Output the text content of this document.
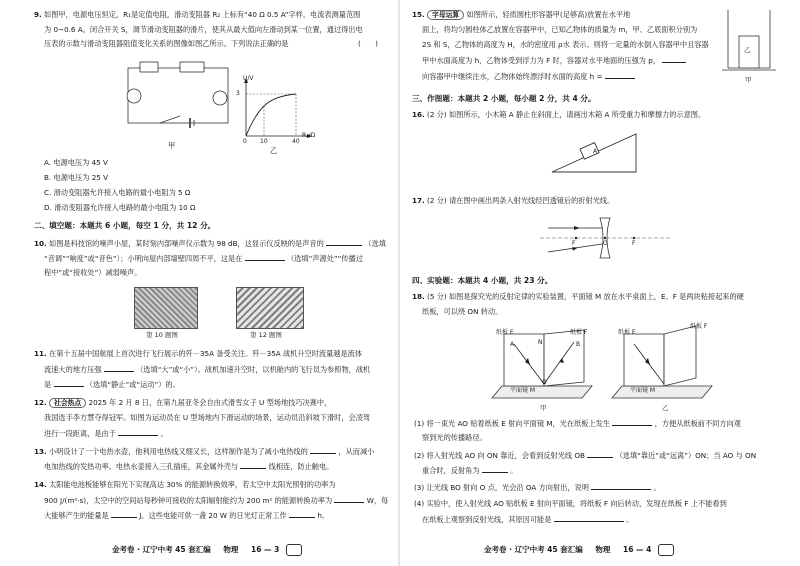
9. 如图甲，电源电压恒定，R₁是定值电阻，滑动变阻器 R₂ 上标有“40 Ω 0.5 A”字样，电流表测量范围
为 0~0.6 A。闭合开关 S，调节滑动变阻器的滑片，使其从最大值向左滑动到某一位置，通过得出电
压表的示数与滑动变阻器阻值变化关系的图像如图乙所示。下列说法正确的是	(　　)
甲
U/V
3
0 10	40
R₂/Ω
乙
A. 电源电压为 45 V
B. 电源电压为 25 V
C. 滑动变阻器允许接入电路的最小电阻为 5 Ω
D. 滑动变阻器允许接入电路的最小电阻为 10 Ω
二、填空题：本题共 6 小题，每空 1 分，共 12 分。
10. 如图是科技馆的噪声小屋，某时刻内部噪声仪示数为 98 dB，这显示仪反映的是声音的	（选填
“音调”“响度”或“音色”）；小明向屋内部墙壁四周不平，这是在	（选填“声源处”“传播过
程中”或“接收处”）减弱噪声。
第 10 题图	第 12 题图
11. 在第十五届中国航展上首次进行飞行展示的歼－35A 备受关注。歼－35A 战机升空时流量越是流体
流速大的地方压强	（选填“大”或“小”）。战机加速升空时，以机舱内的飞行员为参照物，战机
是	（选填“静止”或“运动”）的。
12. 社会热点 2025 年 2 月 8 日，在第九届亚冬会自由式滑雪女子 U 型场地技巧决赛中，
我国选手李方慧夺得冠军。如图为运动员在 U 型场地内下滑运动的场景，运动员沿斜坡下滑时，会凌驾
进行一段距离，是由于	。
13. 小明设计了一个电热水壶，他利用电热线又细又长，这样制作是为了减小电热线的	，从而减小
电加热线的发热功率。电热水壶接入三孔插座，其金属外壳与	线相连，防止触电。
14. 太阳能电池板能够在阳光下实现高达 30% 的能源转换效率，若太空中太阳光照射的功率为
900 J/(m²·s)，太空中的空间站每秒钟可接收的太阳辐射能约为 200 m² 的能源转换功率为	W，每
大能够产生的能量是	J。这些电能可供一盏 20 W 的日光灯正常工作	h。
金考卷 · 辽宁中考 45 套汇编 物理 16 — 3
15. 字母运算 如图所示，轻质圆柱形容器甲(足够高)放置在水平地
面上，将均匀圆柱体乙放置在容器甲中，已知乙物体的质量为 m，甲、乙底面积分别为
2S 和 S，乙物体的高度为 H，水的密度用 ρ水 表示。则将一定量的水倒入容器甲中且容器
甲中水面高度为 h，乙物体受到浮力为 F 时，容器对水平地面的压强为 p，
向容器甲中继续注水，乙物体始终漂浮时水面的高度 h =
乙
甲
三、作图题：本题共 2 小题，每小题 2 分，共 4 分。
16. (2 分) 如图所示，小木箱 A 静止在斜面上，请画出木箱 A 所受重力和摩擦力的示意图。
A
17. (2 分) 请在图中画出两条入射光线经凹透镜后的折射光线。
F	O	F
四、实验题：本题共 4 小题，共 23 分。
18. (5 分) 如图是探究光的反射定律的实验装置，平面镜 M 放在水平桌面上，E、F 是两块粘接起来的硬
纸板，可以绕 ON 转动。
纸板 E	纸板 F
平面镜 M
N
A	B
O
甲
纸板 E
纸板 F
平面镜 M
乙
(1) 将一束光 AO 贴着纸板 E 射向平面镜 M，光在纸板上发生	，方便从纸板前不同方向观
察到光的传播路径。
(2) 将入射光线 AO 向 ON 靠近，会看到反射光线 OB	（选填“靠近”或“远离”）ON；当 AO 与 ON
重合时，反射角为	。
(3) 让光线 BO 射向 O 点，光会沿 OA 方向射出，说明	。
(4) 实验中，使入射光线 AO 贴纸板 E 射向平面镜，将纸板 F 向后转动，发现在纸板 F 上不能看到
在纸板上观察到反射光线，其原因可能是	。
金考卷 · 辽宁中考 45 套汇编 物理 16 — 4
